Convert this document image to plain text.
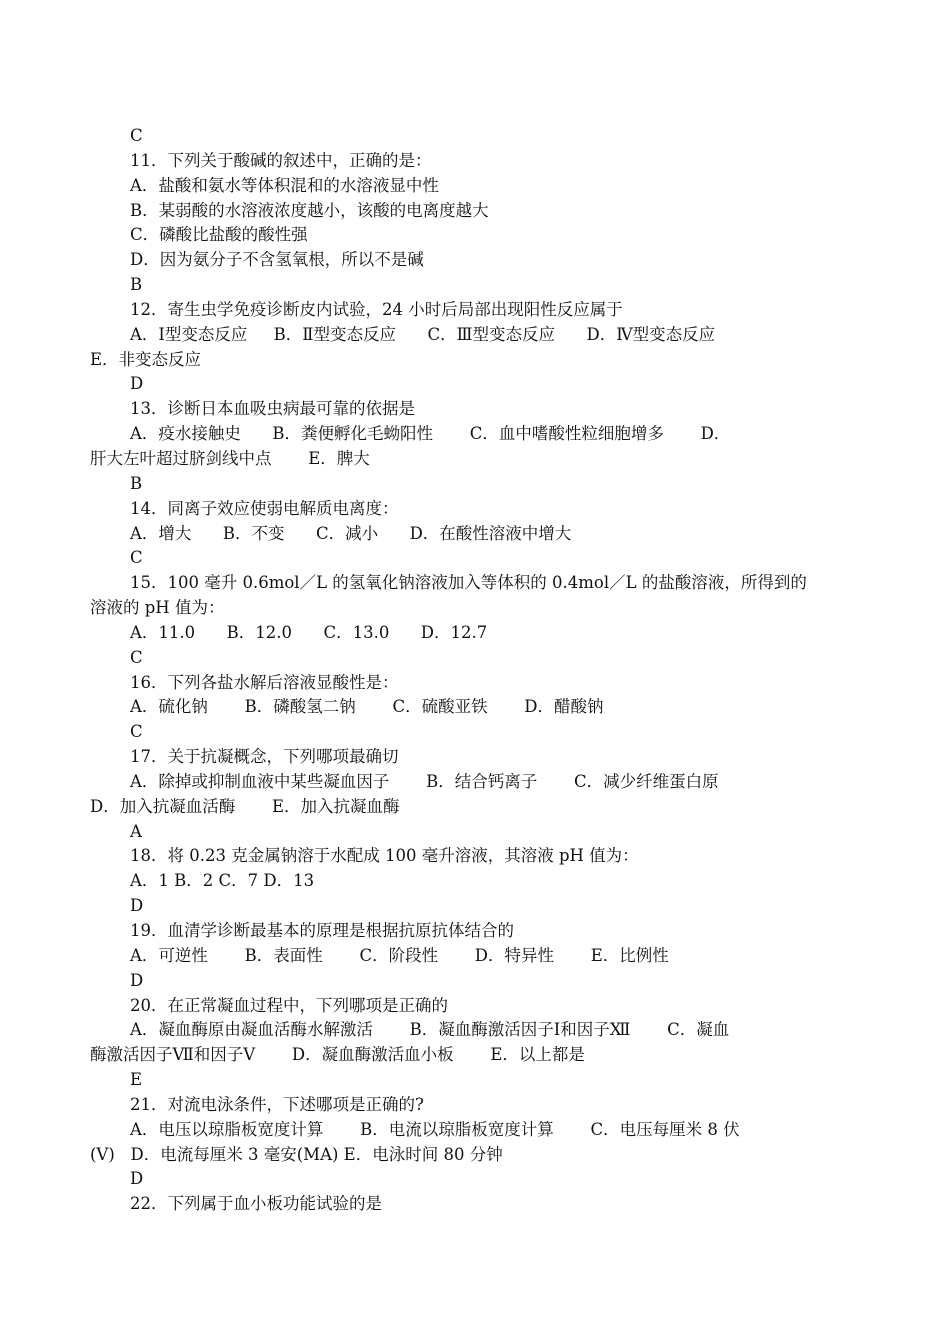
C
11．下列关于酸碱的叙述中，正确的是：
A．盐酸和氨水等体积混和的水溶液显中性
B．某弱酸的水溶液浓度越小，该酸的电离度越大
C．磷酸比盐酸的酸性强
D．因为氨分子不含氢氧根，所以不是碱
B
12．寄生虫学免疫诊断皮内试验，24 小时后局部出现阳性反应属于
A．Ⅰ型变态反应     B．Ⅱ型变态反应      C．Ⅲ型变态反应      D．Ⅳ型变态反应
E．非变态反应
D
13．诊断日本血吸虫病最可靠的依据是
A．疫水接触史      B．粪便孵化毛蚴阳性       C．血中嗜酸性粒细胞增多       D．
肝大左叶超过脐剑线中点       E．脾大
B
14．同离子效应使弱电解质电离度：
A．增大      B．不变      C．减小      D．在酸性溶液中增大
C
15．100 毫升 0.6mol／L 的氢氧化钠溶液加入等体积的 0.4mol／L 的盐酸溶液，所得到的
溶液的 pH 值为：
A．11.0      B．12.0      C．13.0      D．12.7
C
16．下列各盐水解后溶液显酸性是：
A．硫化钠       B．磷酸氢二钠       C．硫酸亚铁       D．醋酸钠
C
17．关于抗凝概念，下列哪项最确切
A．除掉或抑制血液中某些凝血因子       B．结合钙离子       C．减少纤维蛋白原
D．加入抗凝血活酶       E．加入抗凝血酶
A
18．将 0.23 克金属钠溶于水配成 100 毫升溶液，其溶液 pH 值为：
A．1 B．2 C．7 D．13
D
19．血清学诊断最基本的原理是根据抗原抗体结合的
A．可逆性       B．表面性       C．阶段性       D．特异性       E．比例性
D
20．在正常凝血过程中，下列哪项是正确的
A．凝血酶原由凝血活酶水解激活       B．凝血酶激活因子Ⅰ和因子Ⅻ       C．凝血
酶激活因子Ⅶ和因子Ⅴ       D．凝血酶激活血小板       E．以上都是
E
21．对流电泳条件，下述哪项是正确的?
A．电压以琼脂板宽度计算       B．电流以琼脂板宽度计算       C．电压每厘米 8 伏
(V)   D．电流每厘米 3 毫安(MA) E．电泳时间 80 分钟
D
22．下列属于血小板功能试验的是
